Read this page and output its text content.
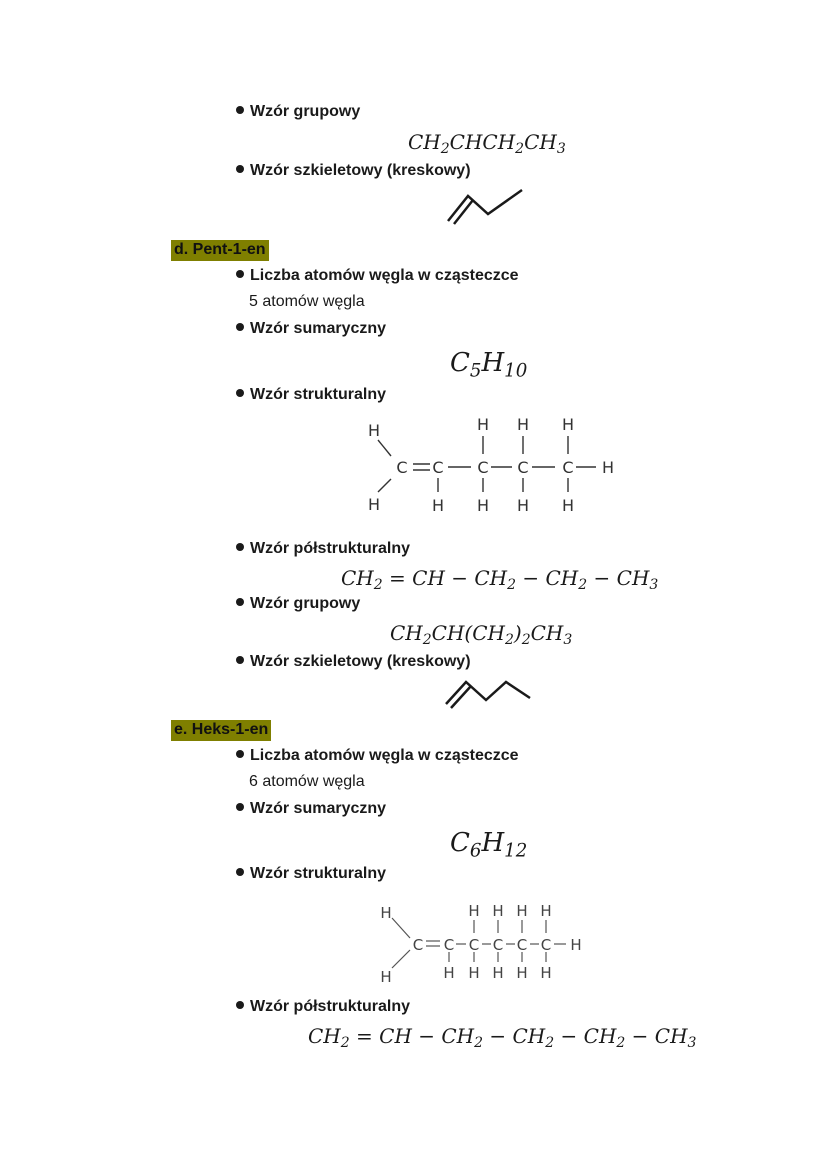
Wzór grupowy
$CH_2CHCH_2CH_3$
Wzór szkieletowy (kreskowy)
d. Pent-1-en
Liczba atomów węgla w cząsteczce
5 atomów węgla
Wzór sumaryczny
$C_5H_{10}$
Wzór strukturalny
H
H
C C C C C H
H H H
H H H H
Wzór półstrukturalny
$CH_2$ = CH − $CH_2 - CH_2 - CH_3$
Wzór grupowy
$CH_2CH(CH_2)_2CH_3$
Wzór szkieletowy (kreskowy)
e. Heks-1-en
Liczba atomów węgla w cząsteczce
6 atomów węgla
Wzór sumaryczny
$C_6H_{12}$
Wzór strukturalny
H
H
C C C C C C H
H H H H
H H H H H
Wzór półstrukturalny
$CH_2$ = CH − $CH_2 - CH_2 - CH_2 - CH_3$
